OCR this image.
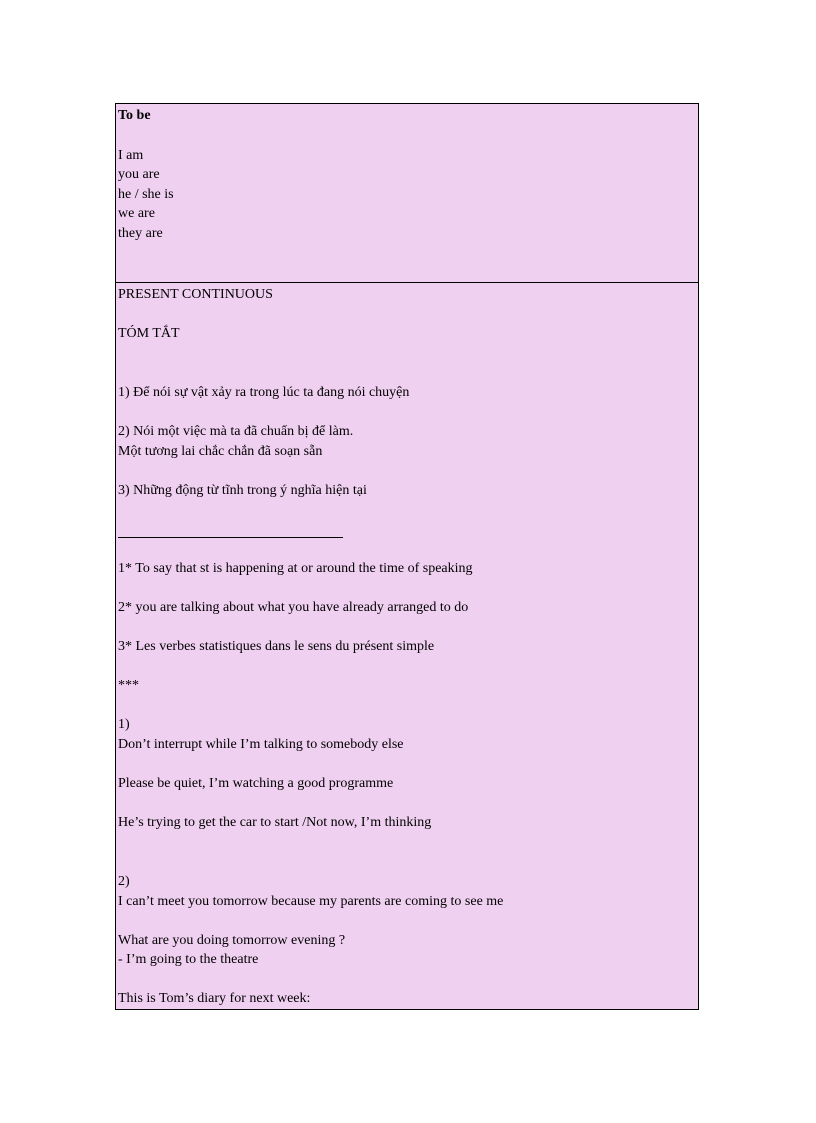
To be
I am
you are
he / she is
we are
they are
PRESENT CONTINUOUS
TÓM TẮT
1) Để nói sự vật xảy ra trong lúc ta đang nói chuyện
2) Nói một việc mà ta đã chuẩn bị để làm.
Một tương lai chắc chắn đã soạn sẵn
3) Những động từ tĩnh trong ý nghĩa hiện tại
1* To say that st is happening at or around the time of speaking
2* you are talking about what you have already arranged to do
3* Les verbes statistiques dans le sens du présent simple
***
1)
Don’t interrupt while I’m talking to somebody else
Please be quiet, I’m watching a good programme
He’s trying to get the car to start /Not now, I’m thinking
2)
I can’t meet you tomorrow because my parents are coming to see me
What are you doing tomorrow evening ?
- I’m going to the theatre
This is Tom’s diary for next week:
